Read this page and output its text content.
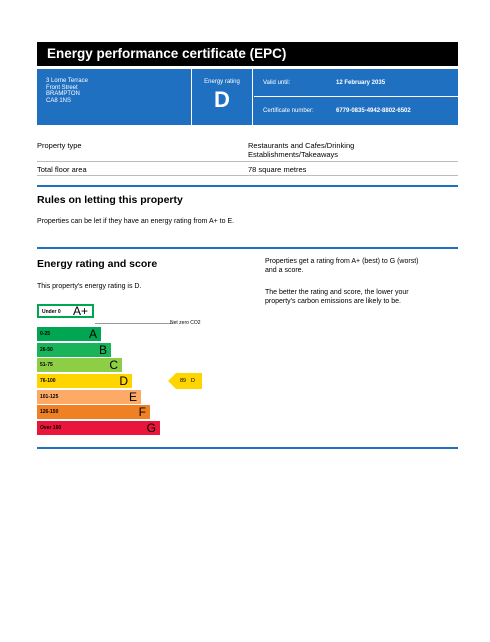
Energy performance certificate (EPC)
3 Lorne Terrace
Front Street
BRAMPTON
CA8 1NS
Energy rating
D
Valid until:	12 February 2035
Certificate number:	6779-0835-4942-8802-6502
Property type	Restaurants and Cafes/Drinking
Establishments/Takeaways
Total floor area	78 square metres
Rules on letting this property
Properties can be let if they have an energy rating from A+ to E.
Energy rating and score
This property's energy rating is D.
Properties get a rating from A+ (best) to G (worst)
and a score.
The better the rating and score, the lower your
property's carbon emissions are likely to be.
Under 0 A+
Net zero CO2
0-25	A
26-50	B
51-75	C
76-100	D
101-125	E
126-150	F
Over 150	G
89 D
